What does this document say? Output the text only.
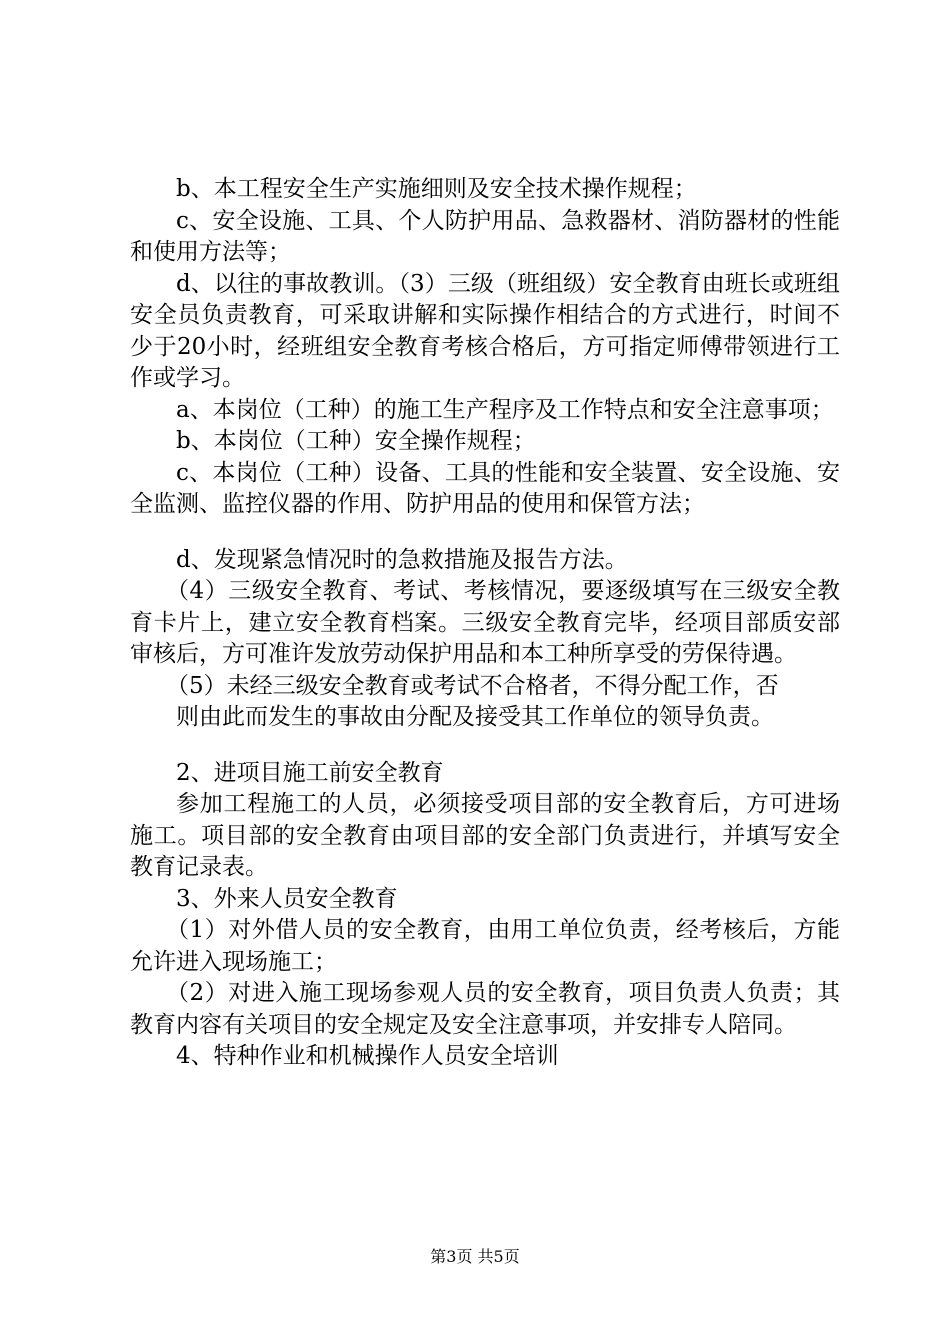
b、本工程安全生产实施细则及安全技术操作规程；

c、安全设施、工具、个人防护用品、急救器材、消防器材的性能和使用方法等；

d、以往的事故教训。（3）三级（班组级）安全教育由班长或班组安全员负责教育，可采取讲解和实际操作相结合的方式进行，时间不少于20小时，经班组安全教育考核合格后，方可指定师傅带领进行工作或学习。

a、本岗位（工种）的施工生产程序及工作特点和安全注意事项；

b、本岗位（工种）安全操作规程；

c、本岗位（工种）设备、工具的性能和安全装置、安全设施、安全监测、监控仪器的作用、防护用品的使用和保管方法；

d、发现紧急情况时的急救措施及报告方法。

（4）三级安全教育、考试、考核情况，要逐级填写在三级安全教育卡片上，建立安全教育档案。三级安全教育完毕，经项目部质安部审核后，方可准许发放劳动保护用品和本工种所享受的劳保待遇。

（5）未经三级安全教育或考试不合格者，不得分配工作，否

则由此而发生的事故由分配及接受其工作单位的领导负责。

2、进项目施工前安全教育

参加工程施工的人员，必须接受项目部的安全教育后，方可进场施工。项目部的安全教育由项目部的安全部门负责进行，并填写安全教育记录表。

3、外来人员安全教育

（1）对外借人员的安全教育，由用工单位负责，经考核后，方能允许进入现场施工；

（2）对进入施工现场参观人员的安全教育，项目负责人负责；其教育内容有关项目的安全规定及安全注意事项，并安排专人陪同。

4、特种作业和机械操作人员安全培训

第3页 共5页
